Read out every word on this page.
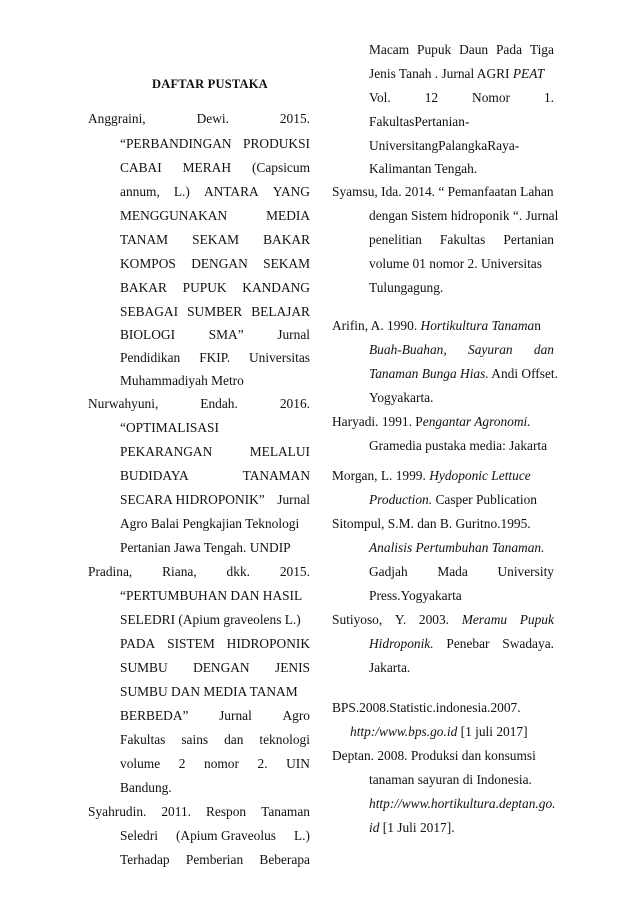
DAFTAR PUSTAKA
Anggraini,	Dewi.	2015.
“PERBANDINGAN PRODUKSI
CABAI MERAH (Capsicum
annum, L.) ANTARA YANG
MENGGUNAKAN	MEDIA
TANAM SEKAM BAKAR
KOMPOS DENGAN SEKAM
BAKAR PUPUK KANDANG
SEBAGAI SUMBER BELAJAR
BIOLOGI	SMA”	Jurnal
Pendidikan FKIP. Universitas
Muhammadiyah Metro
Nurwahyuni,	Endah.	2016.
“OPTIMALISASI
PEKARANGAN	MELALUI
BUDIDAYA	TANAMAN
SECARA HIDROPONIK” Jurnal
Agro Balai Pengkajian Teknologi
Pertanian Jawa Tengah. UNDIP
Pradina, Riana, dkk. 2015.
“PERTUMBUHAN DAN HASIL
SELEDRI (Apium graveolens L.)
PADA SISTEM HIDROPONIK
SUMBU DENGAN JENIS
SUMBU DAN MEDIA TANAM
BERBEDA” Jurnal Agro
Fakultas sains dan teknologi
volume 2 nomor 2. UIN
Bandung.
Syahrudin. 2011. Respon Tanaman
Seledri (Apium Graveolus L.)
Terhadap Pemberian Beberapa
Macam Pupuk Daun Pada Tiga
Jenis Tanah . Jurnal AGRI PEAT
Vol.	12	Nomor	1.
FakultasPertanian-
UniversitangPalangkaRaya-
Kalimantan Tengah.
Syamsu, Ida. 2014. “ Pemanfaatan Lahan
dengan Sistem hidroponik “. Jurnal
penelitian Fakultas Pertanian
volume 01 nomor 2. Universitas
Tulungagung.
Arifin, A. 1990. Hortikultura Tanaman
Buah-Buahan, Sayuran dan
Tanaman Bunga Hias. Andi Offset.
Yogyakarta.
Haryadi. 1991. Pengantar Agronomi.
Gramedia pustaka media: Jakarta
Morgan, L. 1999. Hydoponic Lettuce
Production. Casper Publication
Sitompul, S.M. dan B. Guritno.1995.
Analisis Pertumbuhan Tanaman.
Gadjah Mada University
Press.Yogyakarta
Sutiyoso, Y. 2003. Meramu Pupuk
Hidroponik. Penebar Swadaya.
Jakarta.
BPS.2008.Statistic.indonesia.2007.
http:/www.bps.go.id [1 juli 2017]
Deptan. 2008. Produksi dan konsumsi
tanaman sayuran di Indonesia.
http://www.hortikultura.deptan.go.
id [1 Juli 2017].
